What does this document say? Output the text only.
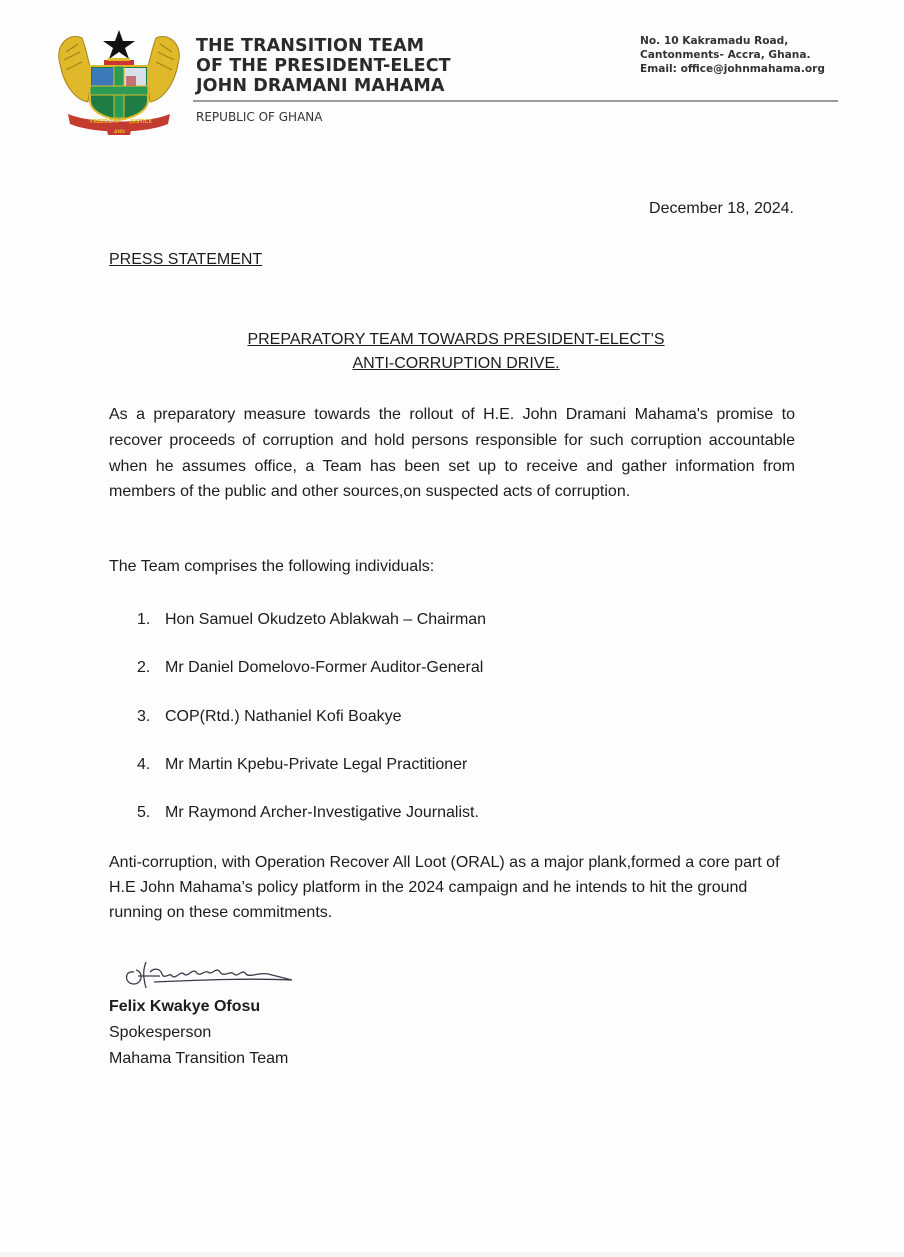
FREEDOM
AND
JUSTICE
THE TRANSITION TEAM
OF THE PRESIDENT-ELECT
JOHN DRAMANI MAHAMA
REPUBLIC OF GHANA
No. 10 Kakramadu Road,
Cantonments- Accra, Ghana.
Email: office@johnmahama.org
December 18, 2024.
PRESS STATEMENT
PREPARATORY TEAM TOWARDS PRESIDENT-ELECT'S
ANTI-CORRUPTION DRIVE.
As a preparatory measure towards the rollout of H.E. John Dramani Mahama's promise to recover proceeds of corruption and hold persons responsible for such corruption accountable when he assumes office, a Team has been set up to receive and gather information from members of the public and other sources,on suspected acts of corruption.
The Team comprises the following individuals:
1. Hon Samuel Okudzeto Ablakwah – Chairman
2. Mr Daniel Domelovo-Former Auditor-General
3. COP(Rtd.) Nathaniel Kofi Boakye
4. Mr Martin Kpebu-Private Legal Practitioner
5. Mr Raymond Archer-Investigative Journalist.
Anti-corruption, with Operation Recover All Loot (ORAL) as a major plank,formed a core part of H.E John Mahama’s policy platform in the 2024 campaign and he intends to hit the ground running on these commitments.
Felix Kwakye Ofosu
Spokesperson
Mahama Transition Team
